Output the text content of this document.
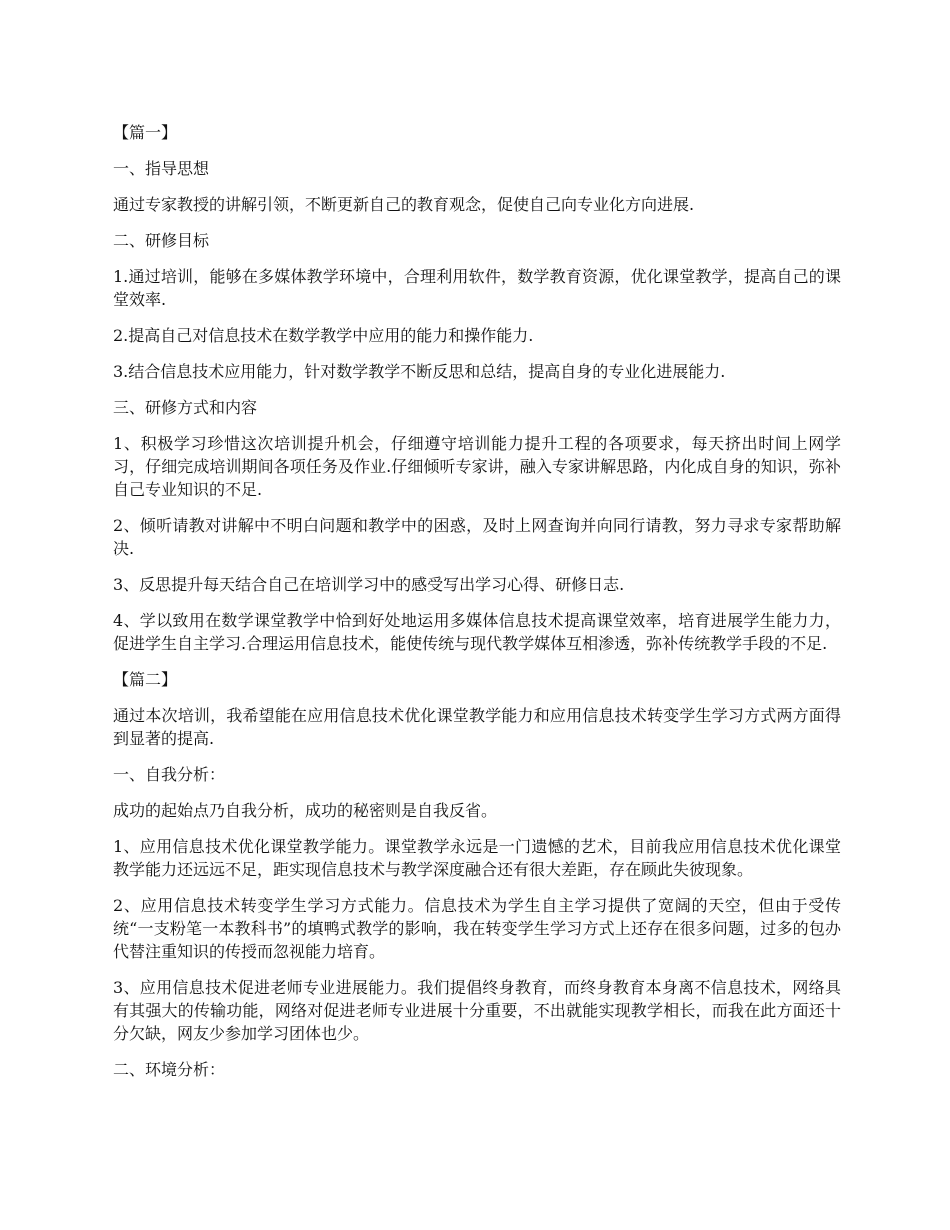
【篇一】

一、指导思想

通过专家教授的讲解引领，不断更新自己的教育观念，促使自己向专业化方向进展.

二、研修目标

1.通过培训，能够在多媒体教学环境中，合理利用软件，数学教育资源，优化课堂教学，提高自己的课堂效率.

2.提高自己对信息技术在数学教学中应用的能力和操作能力.

3.结合信息技术应用能力，针对数学教学不断反思和总结，提高自身的专业化进展能力.

三、研修方式和内容

1、积极学习珍惜这次培训提升机会，仔细遵守培训能力提升工程的各项要求，每天挤出时间上网学习，仔细完成培训期间各项任务及作业.仔细倾听专家讲，融入专家讲解思路，内化成自身的知识，弥补自己专业知识的不足.

2、倾听请教对讲解中不明白问题和教学中的困惑，及时上网查询并向同行请教，努力寻求专家帮助解决.

3、反思提升每天结合自己在培训学习中的感受写出学习心得、研修日志.

4、学以致用在数学课堂教学中恰到好处地运用多媒体信息技术提高课堂效率，培育进展学生能力力，促进学生自主学习.合理运用信息技术，能使传统与现代教学媒体互相渗透，弥补传统教学手段的不足.

【篇二】

通过本次培训，我希望能在应用信息技术优化课堂教学能力和应用信息技术转变学生学习方式两方面得到显著的提高.

一、自我分析：

成功的起始点乃自我分析，成功的秘密则是自我反省。

1、应用信息技术优化课堂教学能力。课堂教学永远是一门遗憾的艺术，目前我应用信息技术优化课堂教学能力还远远不足，距实现信息技术与教学深度融合还有很大差距，存在顾此失彼现象。

2、应用信息技术转变学生学习方式能力。信息技术为学生自主学习提供了宽阔的天空，但由于受传统“一支粉笔一本教科书”的填鸭式教学的影响，我在转变学生学习方式上还存在很多问题，过多的包办代替注重知识的传授而忽视能力培育。

3、应用信息技术促进老师专业进展能力。我们提倡终身教育，而终身教育本身离不信息技术，网络具有其强大的传输功能，网络对促进老师专业进展十分重要，不出就能实现教学相长，而我在此方面还十分欠缺，网友少参加学习团体也少。

二、环境分析：
